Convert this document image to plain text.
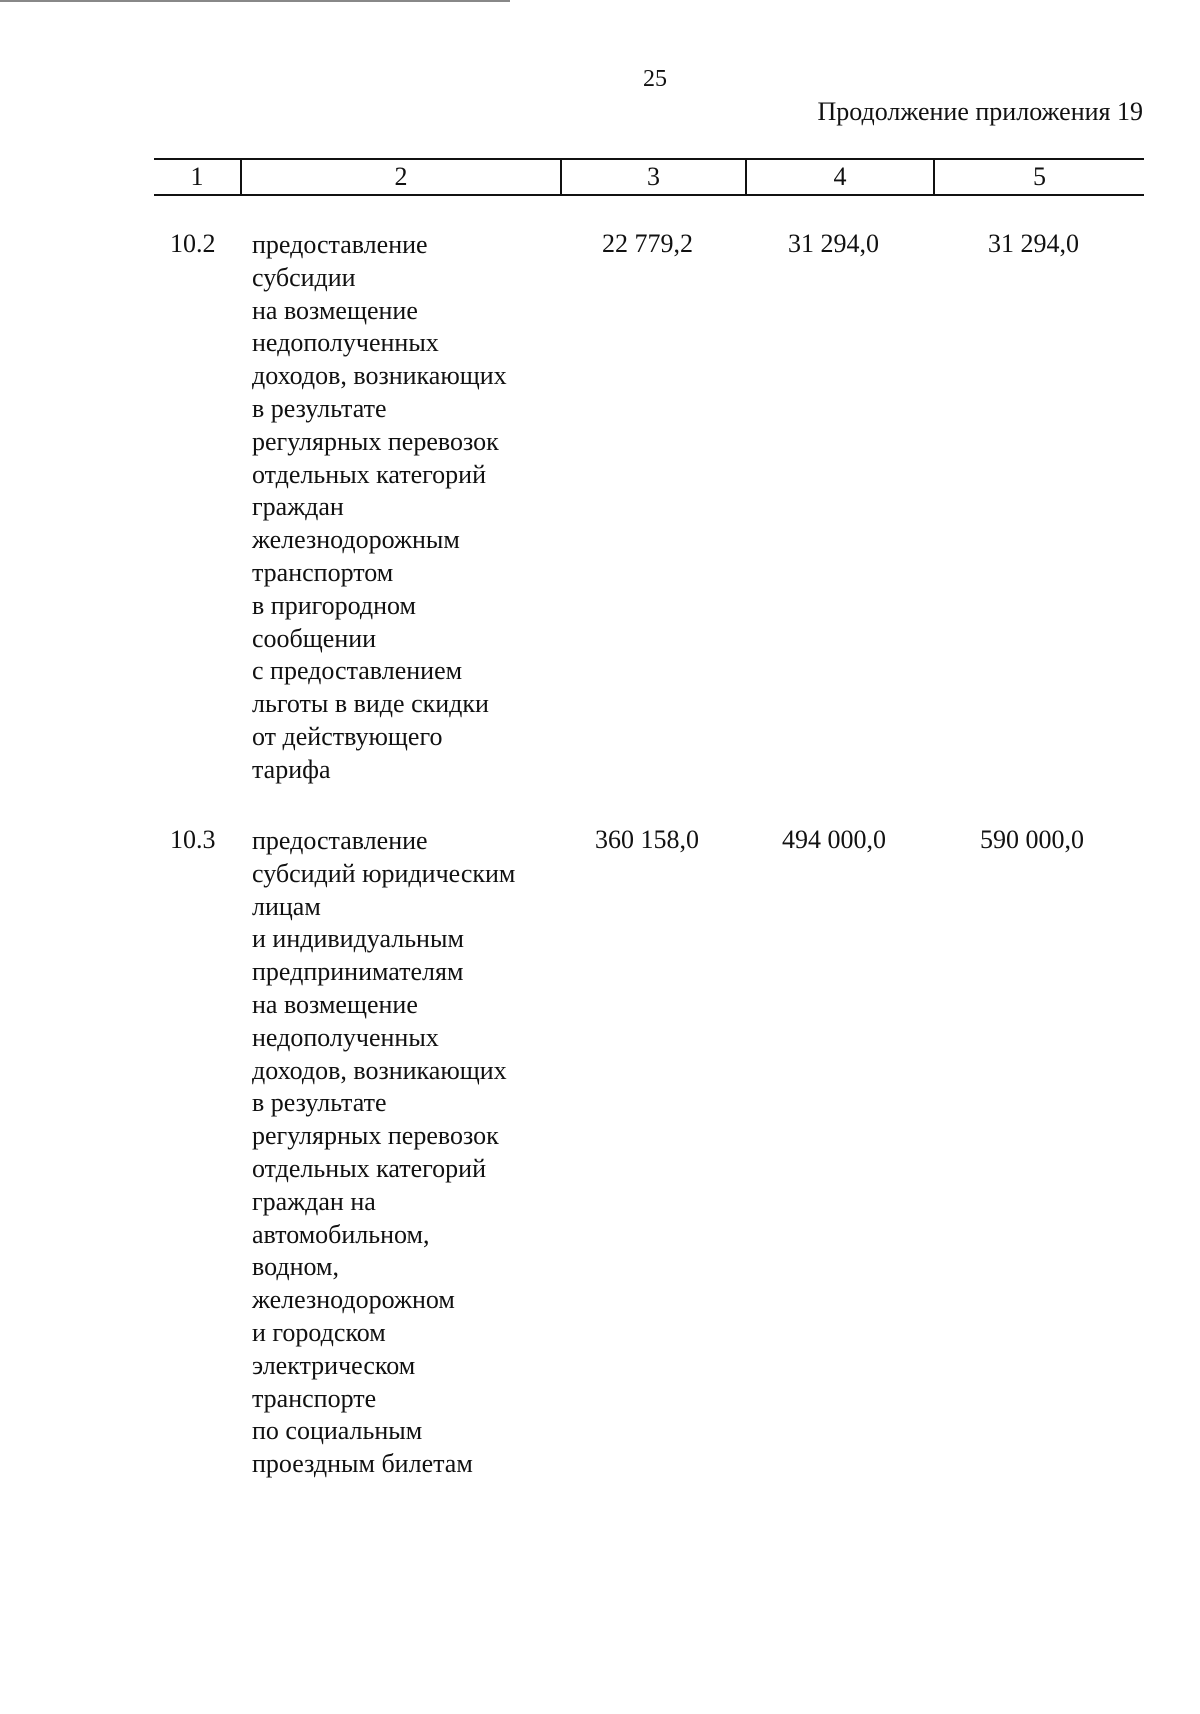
25
Продолжение приложения 19
1	2	3	4	5
10.2 предоставление
субсидии
на возмещение
недополученных
доходов, возникающих
в результате
регулярных перевозок
отдельных категорий
граждан
железнодорожным
транспортом
в пригородном
сообщении
с предоставлением
льготы в виде скидки
от действующего
тарифа
22 779,2	31 294,0	31 294,0
10.3 предоставление
субсидий юридическим
лицам
и индивидуальным
предпринимателям
на возмещение
недополученных
доходов, возникающих
в результате
регулярных перевозок
отдельных категорий
граждан на
автомобильном,
водном,
железнодорожном
и городском
электрическом
транспорте
по социальным
проездным билетам
360 158,0	494 000,0	590 000,0
